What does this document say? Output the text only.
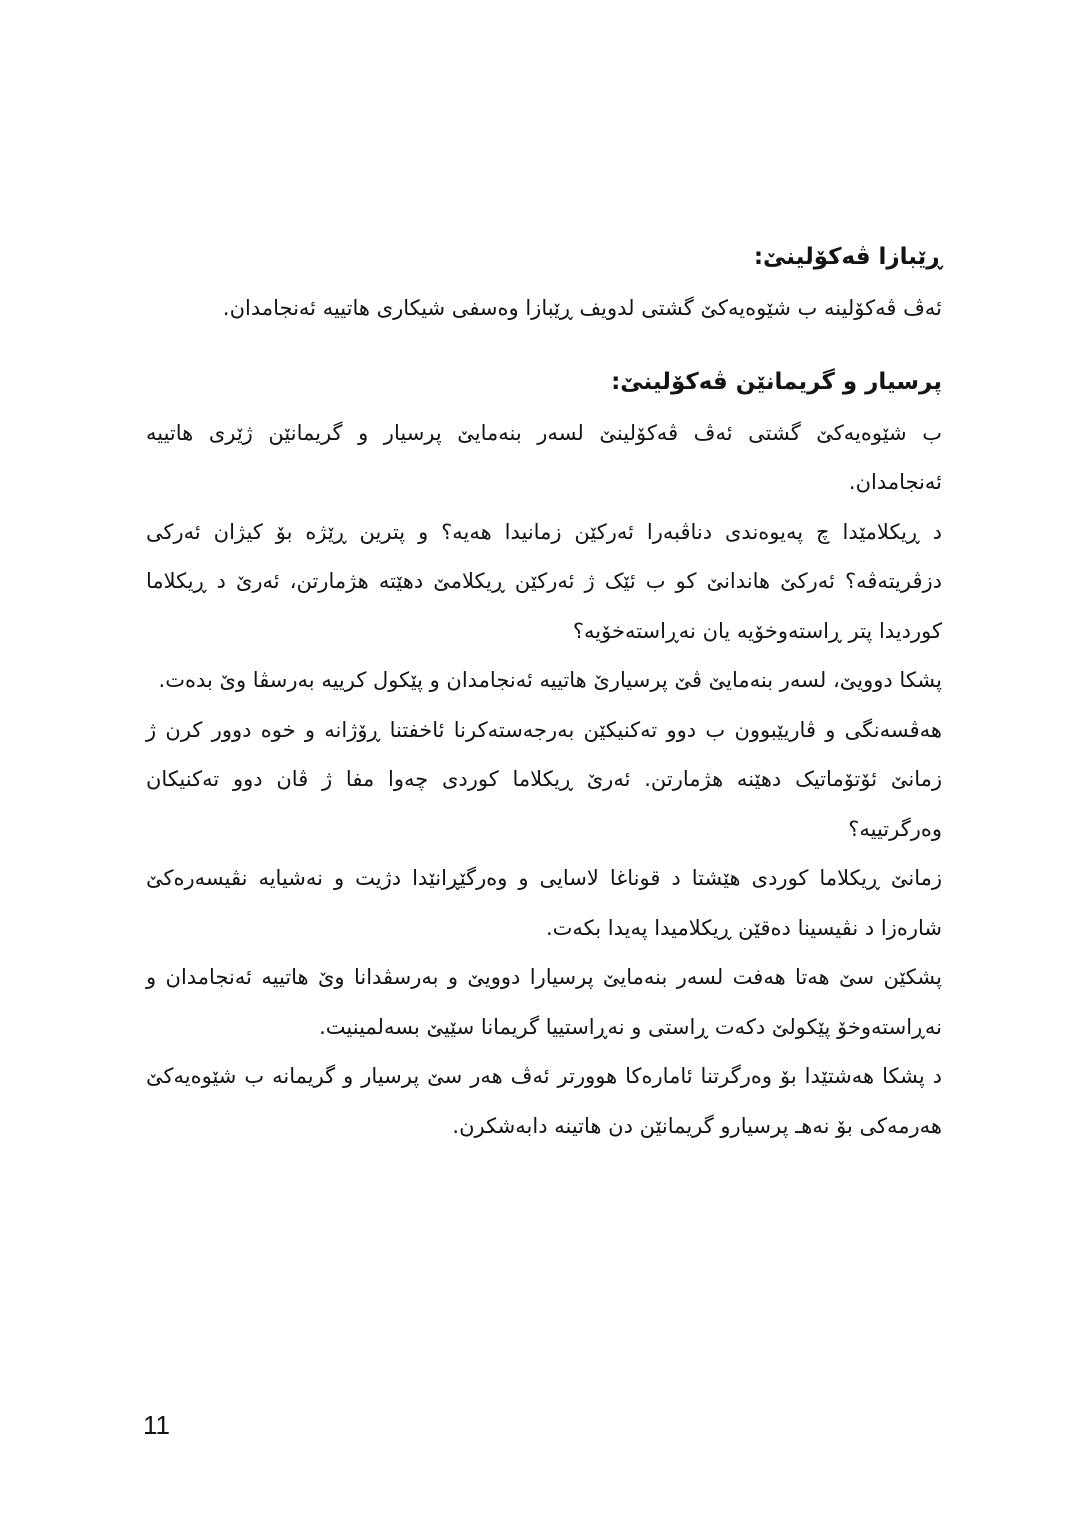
ڕێبازا ڤەکۆلینێ:

ئەڤ ڤەکۆلینە ب شێوەیەکێ گشتی لدویف ڕێبازا وەسفی شیکاری هاتییە ئەنجامدان.

پرسیار و گریمانێن ڤەکۆلینێ:

ب شێوەیەکێ گشتی ئەڤ ڤەکۆلینێ لسەر بنەمایێ پرسیار و گریمانێن ژێری هاتییە ئەنجامدان.

د ڕیکلامێدا چ پەیوەندی دناڤبەرا ئەرکێن زمانیدا هەیە؟ و پترین ڕێژە بۆ کیژان ئەرکی دزڤریتەڤە؟ ئەرکێ هاندانێ کو ب ئێک ژ ئەرکێن ڕیکلامێ دهێتە هژمارتن، ئەرێ د ڕیکلاما کوردیدا پتر ڕاستەوخۆیە یان نەڕاستەخۆیە؟

پشکا دوویێ، لسەر بنەمایێ ڤێ پرسیارێ هاتییە ئەنجامدان و پێکول کرییە بەرسڤا وێ بدەت.

هەڤسەنگی و ڤاریێبوون ب دوو تەکنیکێن بەرجەستەکرنا ئاخفتنا ڕۆژانە و خوە دوور کرن ژ زمانێ ئۆتۆماتیک دهێنە هژمارتن. ئەرێ ڕیکلاما کوردی چەوا مفا ژ ڤان دوو تەکنیکان وەرگرتییە؟

زمانێ ڕیکلاما کوردی هێشتا د قوناغا لاسایی و وەرگێڕانێدا دژیت و نەشیایە نڤیسەرەکێ شارەزا د نڤیسینا دەقێن ڕیکلامیدا پەیدا بکەت.

پشکێن سێ هەتا هەفت لسەر بنەمایێ پرسیارا دوویێ و بەرسڤدانا وێ هاتییە ئەنجامدان و نەڕاستەوخۆ پێکولێ دکەت ڕاستی و نەڕاستییا گریمانا سێیێ بسەلمینیت.

د پشکا هەشتێدا بۆ وەرگرتنا ئامارەکا هوورتر ئەڤ هەر سێ پرسیار و گریمانە ب شێوەیەکێ هەرمەکی بۆ نەهـ پرسیارو گریمانێن دن هاتینە دابەشکرن.

11
